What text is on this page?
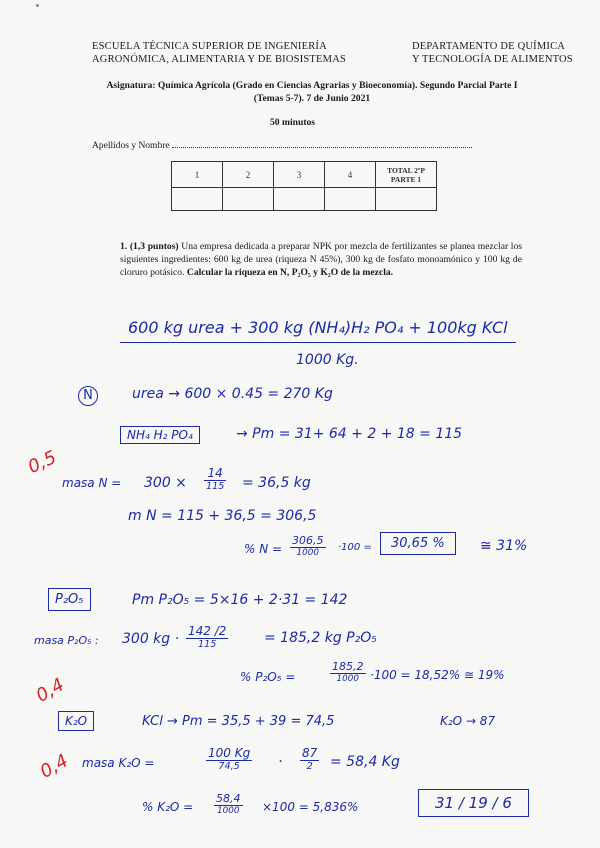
ESCUELA TÉCNICA SUPERIOR DE INGENIERÍA
AGRONÓMICA, ALIMENTARIA Y DE BIOSISTEMAS
DEPARTAMENTO DE QUÍMICA
Y TECNOLOGÍA DE ALIMENTOS
Asignatura: Química Agrícola (Grado en Ciencias Agrarias y Bioeconomía). Segundo Parcial Parte I (Temas 5-7). 7 de Junio 2021
50 minutos
Apellidos y Nombre
1	2	3	4	TOTAL 2ºP PARTE 1

1. (1,3 puntos) Una empresa dedicada a preparar NPK por mezcla de fertilizantes se planea mezclar los siguientes ingredientes: 600 kg de urea (riqueza N 45%), 300 kg de fosfato monoamónico y 100 kg de cloruro potásico. Calcular la riqueza en N, P₂O₅ y K₂O de la mezcla.
600 kg urea + 300 kg (NH₄)H₂ PO₄ + 100kg KCl
1000 Kg.
N	urea → 600 × 0.45 = 270 Kg
NH₄ H₂ PO₄	→ Pm = 31+ 64 + 2 + 18 = 115
0,5
masa $N = 300 \times \frac{14}{115} = 36,5$ kg
m N = 115 + 36,5 = 306,5
% $N = \frac{306,5}{1000} \cdot 100$ =	30,65 %	≅ 31%
P₂O₅	Pm P₂O₅ = 5×16 + 2·31 = 142
masa P₂O₅ : 300 kg · $\frac{142 /2}{115}$	= 185,2 kg P₂O₅
0,4	% P₂O₅ =	$\frac{185,2}{1000} \cdot 100 = 18,52\%$ ≅ 19%
K₂O	KCl → Pm = 35,5 + 39 = 74,5	K₂O → 87
0,4 masa K₂O =	$\frac{100 Kg}{74,5} \cdot \frac{87}{2} = 58,4$ Kg
% $K_2O = \frac{58,4}{1000} \times 100 = 5,836\%$	31 / 19 / 6
